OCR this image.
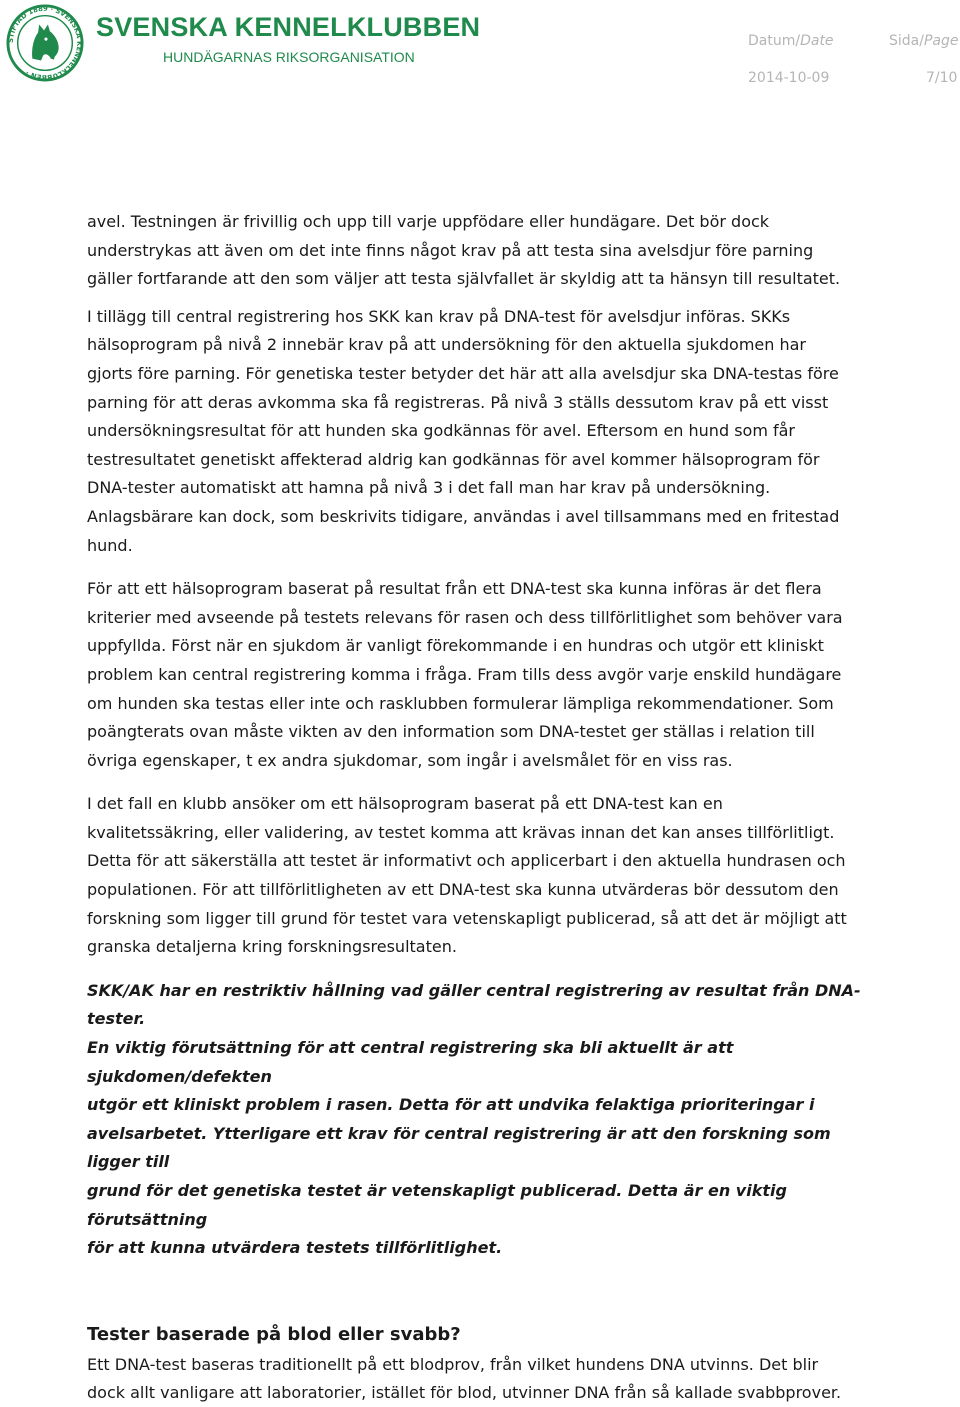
STIFTAD 1889 · SVENSKA KENNELKLUBBEN ·
SVENSKA KENNELKLUBBEN
HUNDÄGARNAS RIKSORGANISATION
Datum/Date	Sida/Page
2014-10-09	7/10

avel. Testningen är frivillig och upp till varje uppfödare eller hundägare. Det bör dock
understrykas att även om det inte finns något krav på att testa sina avelsdjur före parning
gäller fortfarande att den som väljer att testa självfallet är skyldig att ta hänsyn till resultatet.

I tillägg till central registrering hos SKK kan krav på DNA-test för avelsdjur införas. SKKs
hälsoprogram på nivå 2 innebär krav på att undersökning för den aktuella sjukdomen har
gjorts före parning. För genetiska tester betyder det här att alla avelsdjur ska DNA-testas före
parning för att deras avkomma ska få registreras. På nivå 3 ställs dessutom krav på ett visst
undersökningsresultat för att hunden ska godkännas för avel. Eftersom en hund som får
testresultatet genetiskt affekterad aldrig kan godkännas för avel kommer hälsoprogram för
DNA-tester automatiskt att hamna på nivå 3 i det fall man har krav på undersökning.
Anlagsbärare kan dock, som beskrivits tidigare, användas i avel tillsammans med en fritestad
hund.

För att ett hälsoprogram baserat på resultat från ett DNA-test ska kunna införas är det flera
kriterier med avseende på testets relevans för rasen och dess tillförlitlighet som behöver vara
uppfyllda. Först när en sjukdom är vanligt förekommande i en hundras och utgör ett kliniskt
problem kan central registrering komma i fråga. Fram tills dess avgör varje enskild hundägare
om hunden ska testas eller inte och rasklubben formulerar lämpliga rekommendationer. Som
poängterats ovan måste vikten av den information som DNA-testet ger ställas i relation till
övriga egenskaper, t ex andra sjukdomar, som ingår i avelsmålet för en viss ras.

I det fall en klubb ansöker om ett hälsoprogram baserat på ett DNA-test kan en
kvalitetssäkring, eller validering, av testet komma att krävas innan det kan anses tillförlitligt.
Detta för att säkerställa att testet är informativt och applicerbart i den aktuella hundrasen och
populationen. För att tillförlitligheten av ett DNA-test ska kunna utvärderas bör dessutom den
forskning som ligger till grund för testet vara vetenskapligt publicerad, så att det är möjligt att
granska detaljerna kring forskningsresultaten.

SKK/AK har en restriktiv hållning vad gäller central registrering av resultat från DNA-tester.
En viktig förutsättning för att central registrering ska bli aktuellt är att sjukdomen/defekten
utgör ett kliniskt problem i rasen. Detta för att undvika felaktiga prioriteringar i
avelsarbetet. Ytterligare ett krav för central registrering är att den forskning som ligger till
grund för det genetiska testet är vetenskapligt publicerad. Detta är en viktig förutsättning
för att kunna utvärdera testets tillförlitlighet.

Tester baserade på blod eller svabb?

Ett DNA-test baseras traditionellt på ett blodprov, från vilket hundens DNA utvinns. Det blir
dock allt vanligare att laboratorier, istället för blod, utvinner DNA från så kallade svabbprover.
